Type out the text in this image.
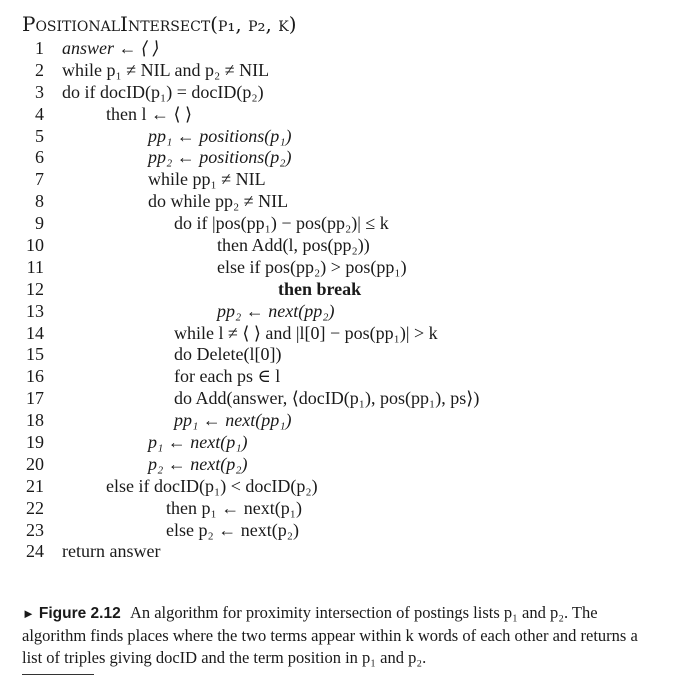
PositionalIntersect(p₁, p₂, k)
1 answer ← ⟨ ⟩
2 while p₁ ≠ NIL and p₂ ≠ NIL
3 do if docID(p₁) = docID(p₂)
4	then l ← ⟨ ⟩
5	pp₁ ← positions(p₁)
6	pp₂ ← positions(p₂)
7	while pp₁ ≠ NIL
8	do while pp₂ ≠ NIL
9	do if |pos(pp₁) − pos(pp₂)| ≤ k
10	then Add(l, pos(pp₂))
11	else if pos(pp₂) > pos(pp₁)
12	then break
13	pp₂ ← next(pp₂)
14	while l ≠ ⟨ ⟩ and |l[0] − pos(pp₁)| > k
15	do Delete(l[0])
16	for each ps ∈ l
17	do Add(answer, ⟨docID(p₁), pos(pp₁), ps⟩)
18	pp₁ ← next(pp₁)
19	p₁ ← next(p₁)
20	p₂ ← next(p₂)
21	else if docID(p₁) < docID(p₂)
22	then p₁ ← next(p₁)
23	else p₂ ← next(p₂)
24 return answer
► Figure 2.12 An algorithm for proximity intersection of postings lists p₁ and p₂. The algorithm finds places where the two terms appear within k words of each other and returns a list of triples giving docID and the term position in p₁ and p₂.
